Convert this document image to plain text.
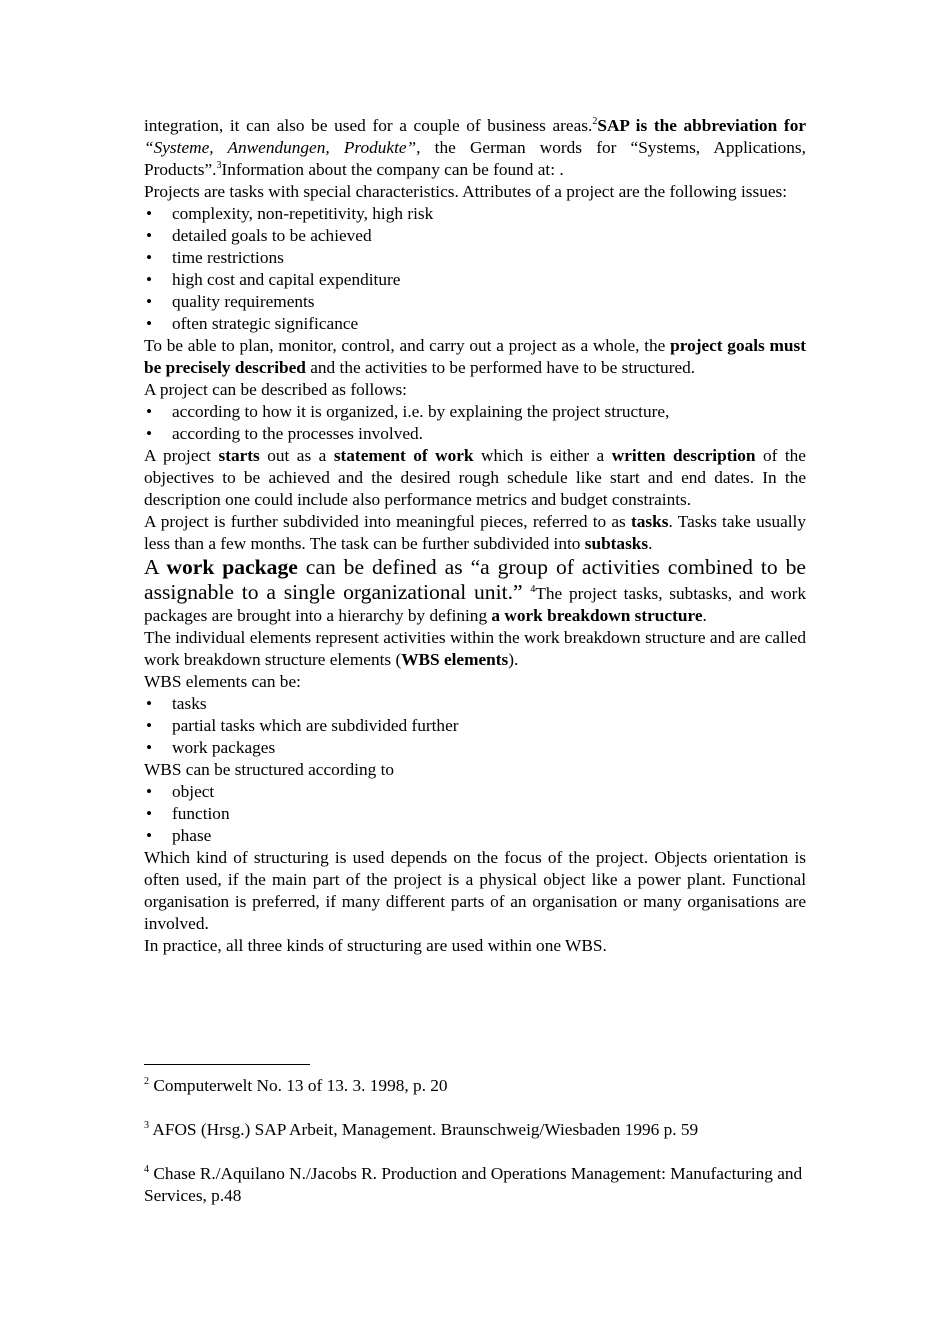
integration, it can also be used for a couple of business areas.$^2$SAP is the abbreviation for “Systeme, Anwendungen, Produkte”, the German words for “Systems, Applications, Products”.$^3$Information about the company can be found at: .

Projects are tasks with special characteristics. Attributes of a project are the following issues:

• complexity, non-repetitivity, high risk
• detailed goals to be achieved
• time restrictions
• high cost and capital expenditure
• quality requirements
• often strategic significance

To be able to plan, monitor, control, and carry out a project as a whole, the project goals must be precisely described and the activities to be performed have to be structured.

A project can be described as follows:

• according to how it is organized, i.e. by explaining the project structure,
• according to the processes involved.

A project starts out as a statement of work which is either a written description of the objectives to be achieved and the desired rough schedule like start and end dates. In the description one could include also performance metrics and budget constraints.

A project is further subdivided into meaningful pieces, referred to as tasks. Tasks take usually less than a few months. The task can be further subdivided into subtasks.

A work package can be defined as “a group of activities combined to be assignable to a single organizational unit.” $^4$The project tasks, subtasks, and work packages are brought into a hierarchy by defining a work breakdown structure.

The individual elements represent activities within the work breakdown structure and are called work breakdown structure elements (WBS elements).

WBS elements can be:

• tasks
• partial tasks which are subdivided further
• work packages

WBS can be structured according to

• object
• function
• phase

Which kind of structuring is used depends on the focus of the project. Objects orientation is often used, if the main part of the project is a physical object like a power plant. Functional organisation is preferred, if many different parts of an organisation or many organisations are involved.

In practice, all three kinds of structuring are used within one WBS.

$^2$ Computerwelt No. 13 of 13. 3. 1998, p. 20

$^3$ AFOS (Hrsg.) SAP Arbeit, Management. Braunschweig/Wiesbaden 1996 p. 59

$^4$ Chase R./Aquilano N./Jacobs R. Production and Operations Management: Manufacturing and Services, p.48
